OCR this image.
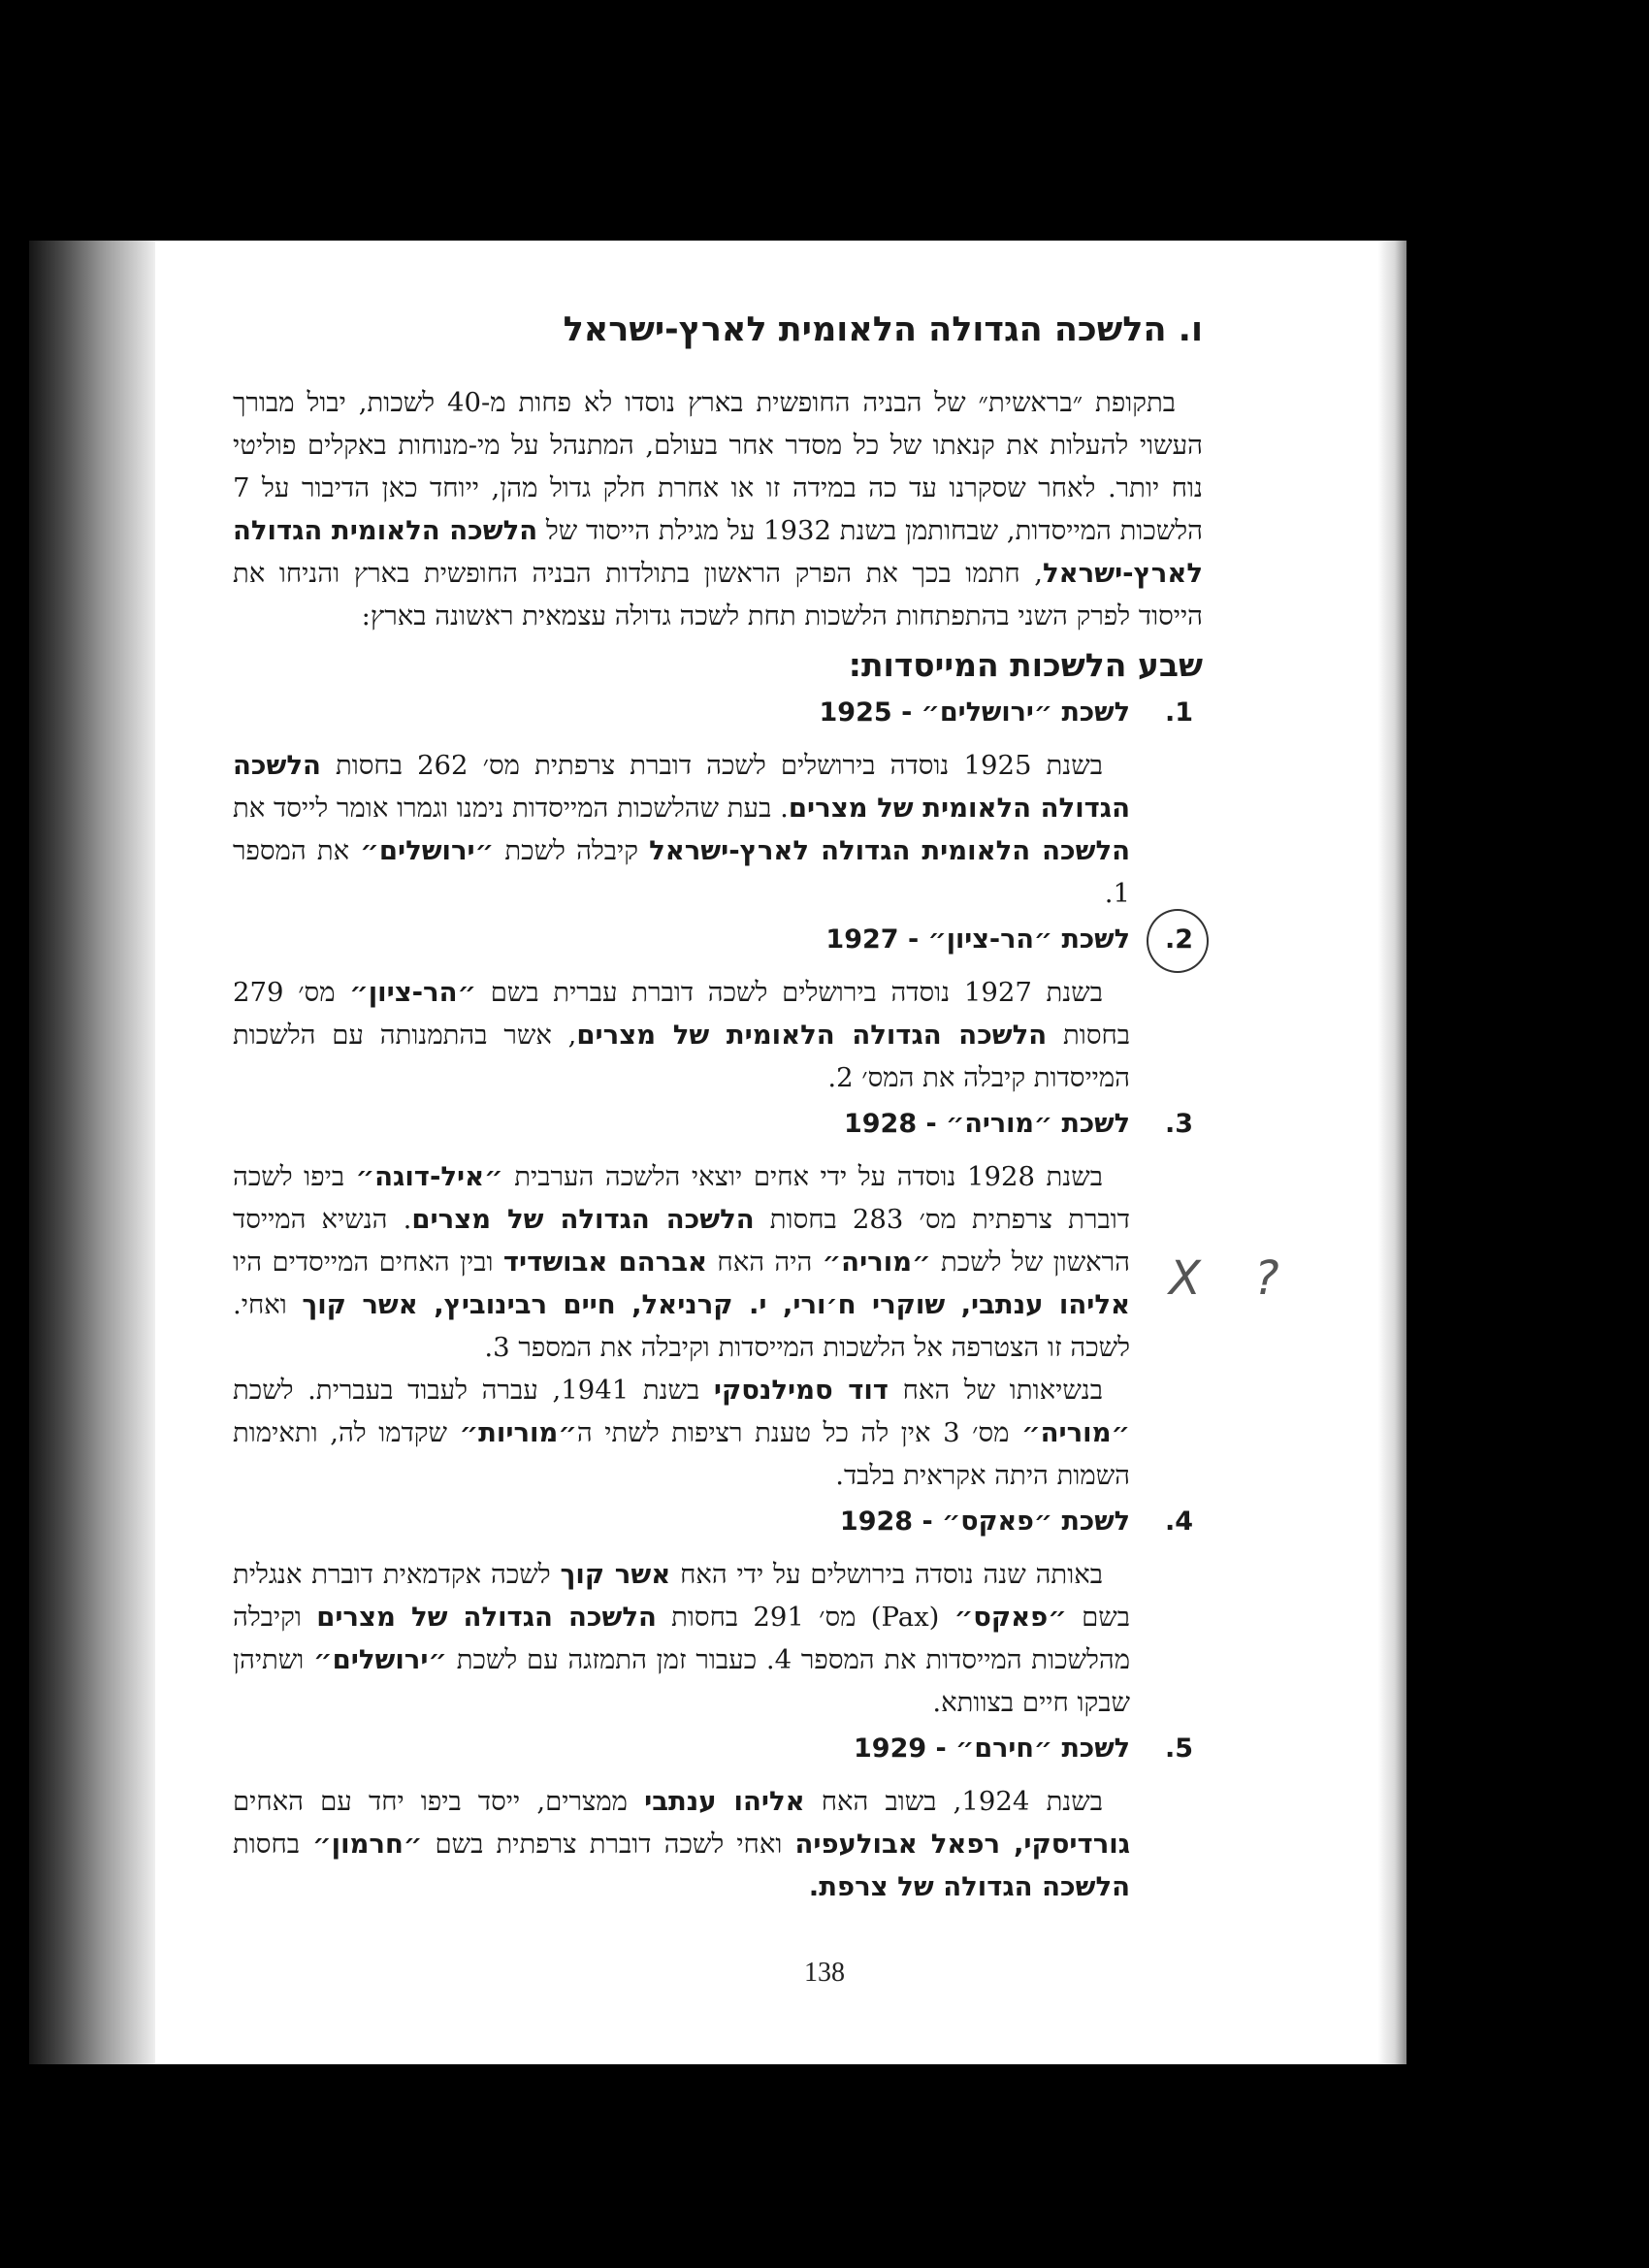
ו. הלשכה הגדולה הלאומית לארץ-ישראל

בתקופת ״בראשית״ של הבניה החופשית בארץ נוסדו לא פחות מ-40 לשכות, יבול מבורך העשוי להעלות את קנאתו של כל מסדר אחר בעולם, המתנהל על מי-מנוחות באקלים פוליטי נוח יותר. לאחר שסקרנו עד כה במידה זו או אחרת חלק גדול מהן, ייוחד כאן הדיבור על 7 הלשכות המייסדות, שבחותמן בשנת 1932 על מגילת הייסוד של הלשכה הלאומית הגדולה לארץ-ישראל, חתמו בכך את הפרק הראשון בתולדות הבניה החופשית בארץ והניחו את הייסוד לפרק השני בהתפתחות הלשכות תחת לשכה גדולה עצמאית ראשונה בארץ:

שבע הלשכות המייסדות:
1.
לשכת ״ירושלים״ - 1925

בשנת 1925 נוסדה בירושלים לשכה דוברת צרפתית מס׳ 262 בחסות הלשכה הגדולה הלאומית של מצרים. בעת שהלשכות המייסדות נימנו וגמרו אומר לייסד את הלשכה הלאומית הגדולה לארץ-ישראל קיבלה לשכת ״ירושלים״ את המספר 1.

2.
לשכת ״הר-ציון״ - 1927

בשנת 1927 נוסדה בירושלים לשכה דוברת עברית בשם ״הר-ציון״ מס׳ 279 בחסות הלשכה הגדולה הלאומית של מצרים, אשר בהתמנותה עם הלשכות המייסדות קיבלה את המס׳ 2.

3.
לשכת ״מוריה״ - 1928

בשנת 1928 נוסדה על ידי אחים יוצאי הלשכה הערבית ״איל-דוגה״ ביפו לשכה דוברת צרפתית מס׳ 283 בחסות הלשכה הגדולה של מצרים. הנשיא המייסד הראשון של לשכת ״מוריה״ היה האח אברהם אבושדיד ובין האחים המייסדים היו אליהו ענתבי, שוקרי ח׳ורי, י. קרניאל, חיים רבינוביץ, אשר קוך ואחי. לשכה זו הצטרפה אל הלשכות המייסדות וקיבלה את המספר 3.

בנשיאותו של האח דוד סמילנסקי בשנת 1941, עברה לעבוד בעברית. לשכת ״מוריה״ מס׳ 3 אין לה כל טענת רציפות לשתי ה״מוריות״ שקדמו לה, ותאימות השמות היתה אקראית בלבד.

4.
לשכת ״פאקס״ - 1928

באותה שנה נוסדה בירושלים על ידי האח אשר קוך לשכה אקדמאית דוברת אנגלית בשם ״פאקס״ (Pax) מס׳ 291 בחסות הלשכה הגדולה של מצרים וקיבלה מהלשכות המייסדות את המספר 4. כעבור זמן התמזגה עם לשכת ״ירושלים״ ושתיהן שבקו חיים בצוותא.

5.
לשכת ״חירם״ - 1929

בשנת 1924, בשוב האח אליהו ענתבי ממצרים, ייסד ביפו יחד עם האחים גורדיסקי, רפאל אבולעפיה ואחי לשכה דוברת צרפתית בשם ״חרמון״ בחסות הלשכה הגדולה של צרפת.

X ?
138
